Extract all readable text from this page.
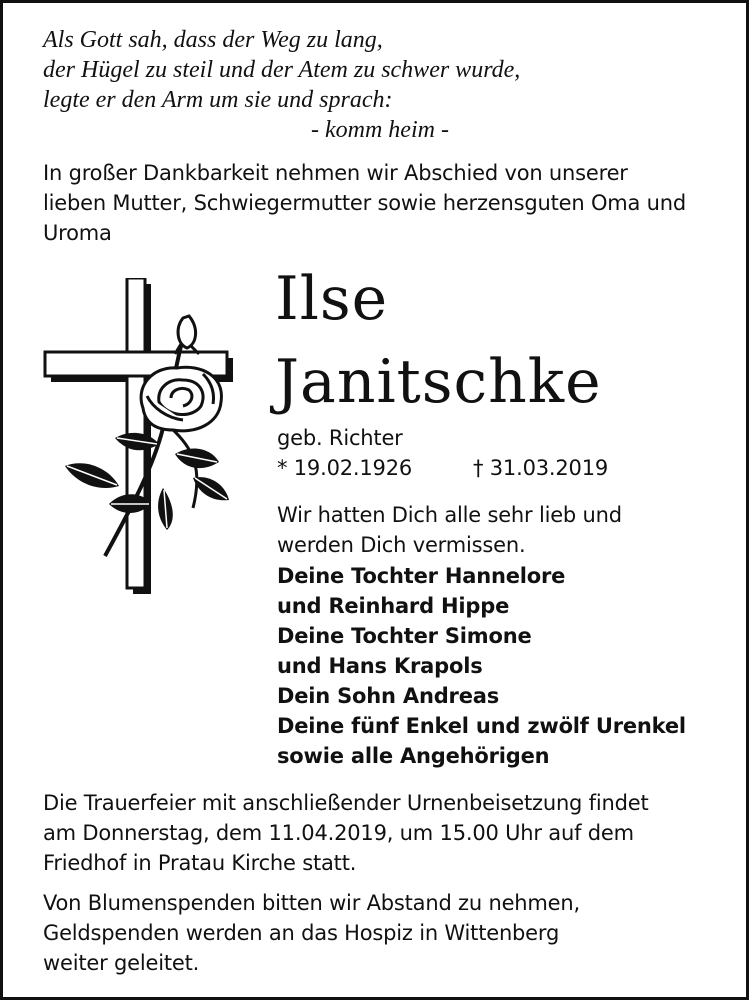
Als Gott sah, dass der Weg zu lang,
der Hügel zu steil und der Atem zu schwer wurde,
legte er den Arm um sie und sprach:
- komm heim -
In großer Dankbarkeit nehmen wir Abschied von unserer
lieben Mutter, Schwiegermutter sowie herzensguten Oma und
Uroma
Ilse
Janitschke
geb. Richter
* 19.02.1926	† 31.03.2019
Wir hatten Dich alle sehr lieb und
werden Dich vermissen.
Deine Tochter Hannelore
und Reinhard Hippe
Deine Tochter Simone
und Hans Krapols
Dein Sohn Andreas
Deine fünf Enkel und zwölf Urenkel
sowie alle Angehörigen
Die Trauerfeier mit anschließender Urnenbeisetzung findet
am Donnerstag, dem 11.04.2019, um 15.00 Uhr auf dem
Friedhof in Pratau Kirche statt.
Von Blumenspenden bitten wir Abstand zu nehmen,
Geldspenden werden an das Hospiz in Wittenberg
weiter geleitet.
